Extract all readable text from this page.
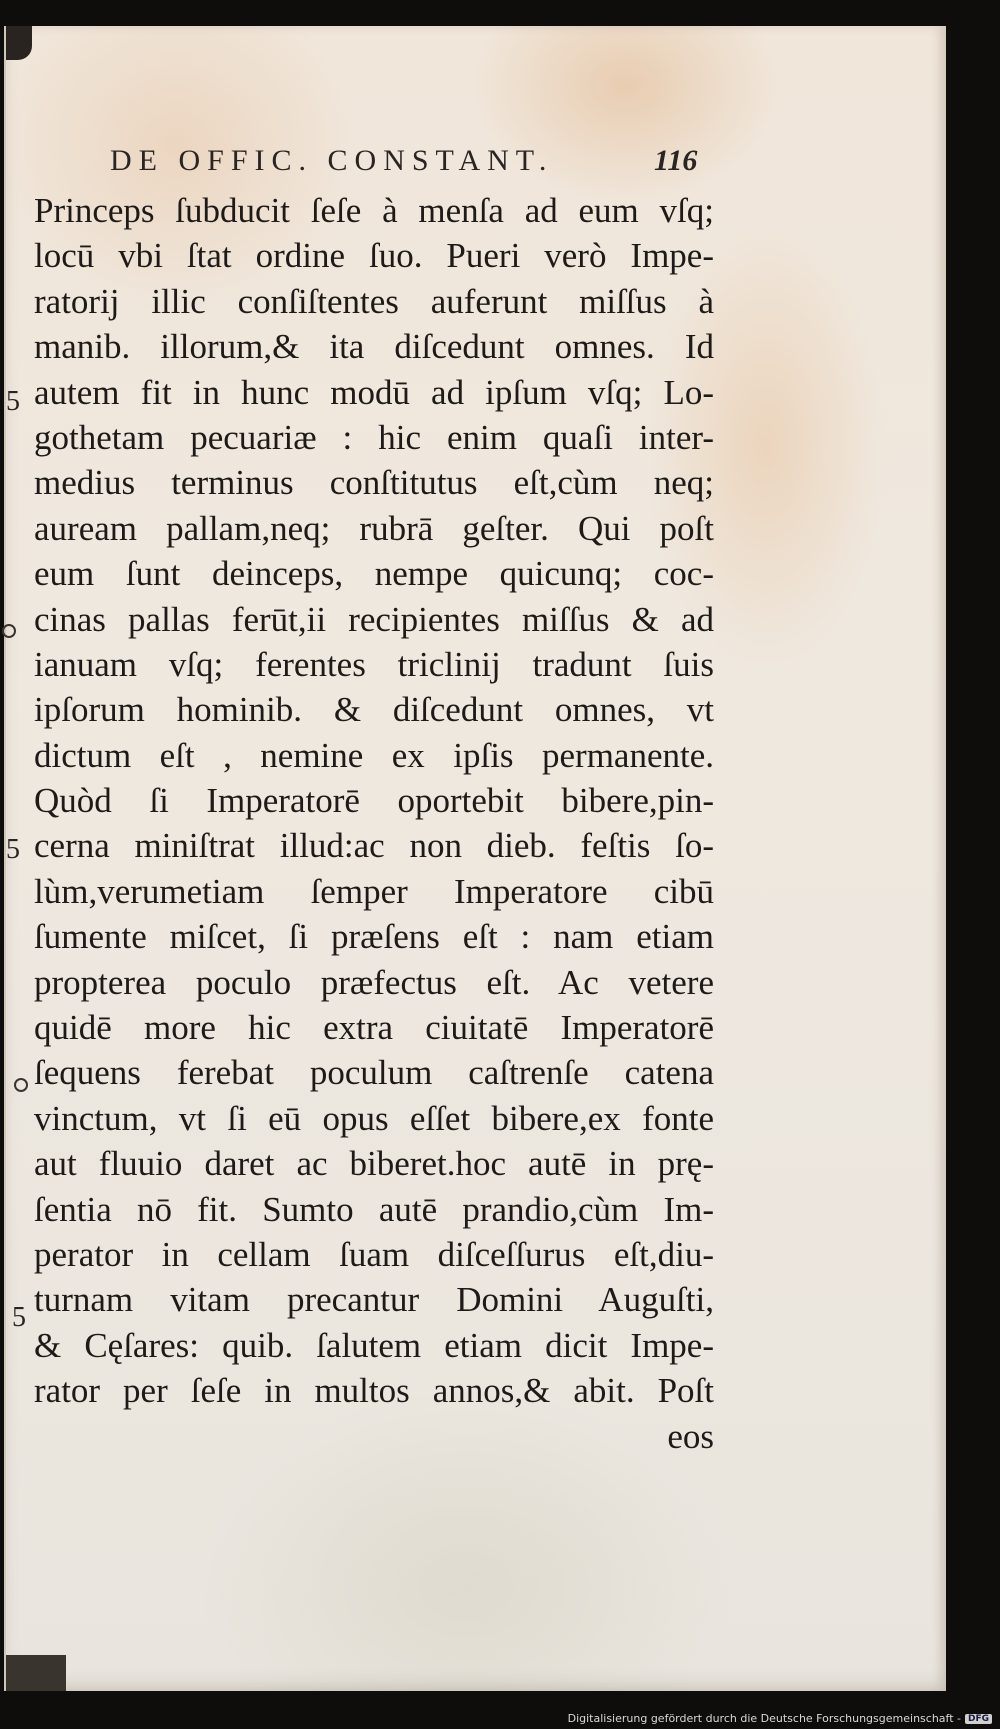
DE OFFIC. CONSTANT.	116
Princeps ſubducit ſeſe à menſa ad eum vſq;
locū vbi ſtat ordine ſuo. Pueri verò Impe-
ratorij illic conſiſtentes auferunt miſſus à
manib. illorum,& ita diſcedunt omnes. Id
autem fit in hunc modū ad ipſum vſq; Lo-
gothetam pecuariæ : hic enim quaſi inter-
medius terminus conſtitutus eſt,cùm neq;
auream pallam,neq; rubrā geſter. Qui poſt
eum ſunt deinceps, nempe quicunq; coc-
cinas pallas ferūt,ii recipientes miſſus & ad
ianuam vſq; ferentes triclinij tradunt ſuis
ipſorum hominib. & diſcedunt omnes, vt
dictum eſt , nemine ex ipſis permanente.
Quòd ſi Imperatorē oportebit bibere,pin-
cerna miniſtrat illud:ac non dieb. feſtis ſo-
lùm,verumetiam ſemper Imperatore cibū
ſumente miſcet, ſi præſens eſt : nam etiam
propterea poculo præfectus eſt. Ac vetere
quidē more hic extra ciuitatē Imperatorē
ſequens ferebat poculum caſtrenſe catena
vinctum, vt ſi eū opus eſſet bibere,ex fonte
aut fluuio daret ac biberet.hoc autē in prę-
ſentia nō fit. Sumto autē prandio,cùm Im-
perator in cellam ſuam diſceſſurus eſt,diu-
turnam vitam precantur Domini Auguſti,
& Cęſares: quib. ſalutem etiam dicit Impe-
rator per ſeſe in multos annos,& abit. Poſt
eos
5
5
5
Digitalisierung gefördert durch die Deutsche Forschungsgemeinschaft - DFG
